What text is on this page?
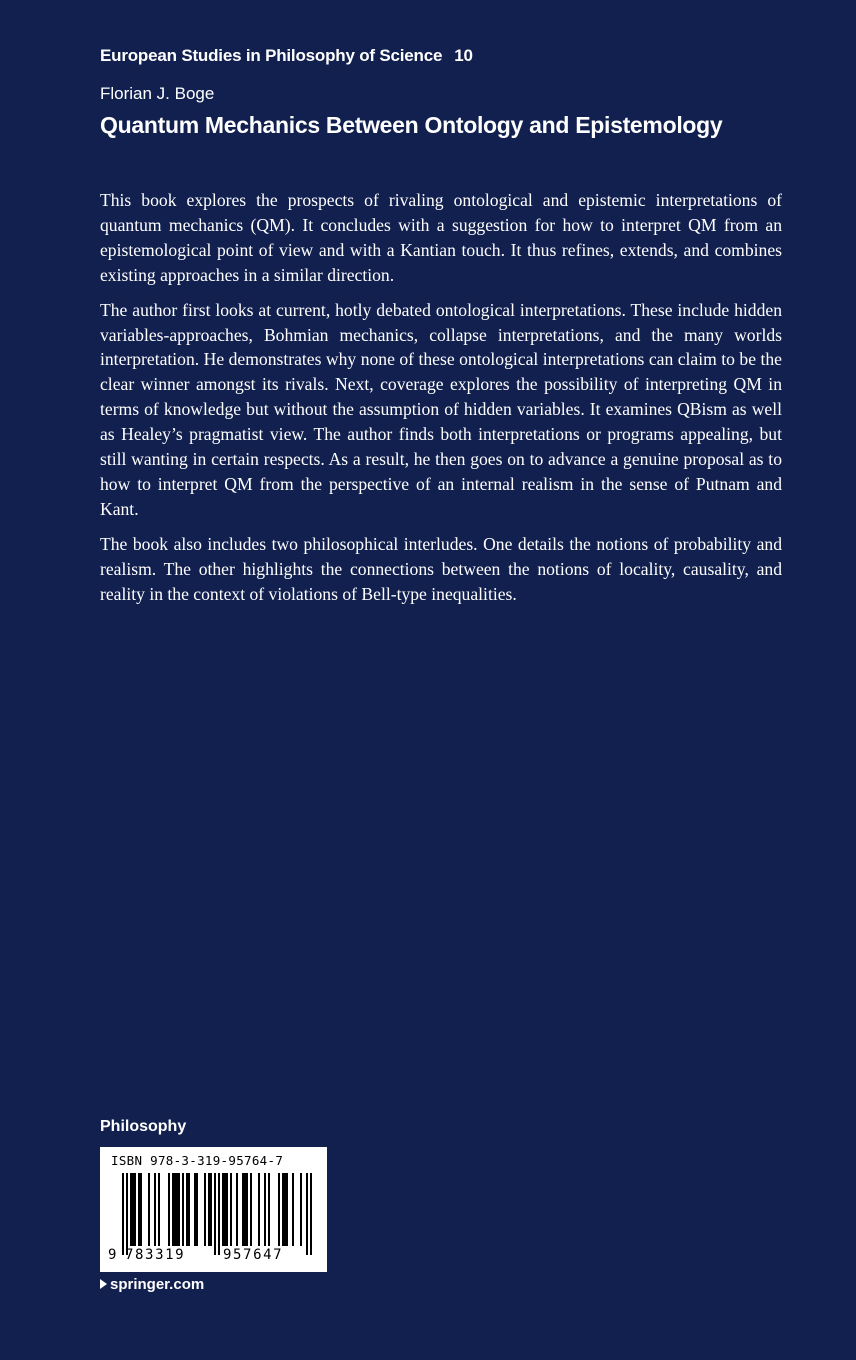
European Studies in Philosophy of Science 10
Florian J. Boge
Quantum Mechanics Between Ontology and Epistemology

This book explores the prospects of rivaling ontological and epistemic interpretations of quantum mechanics (QM). It concludes with a suggestion for how to interpret QM from an epistemological point of view and with a Kantian touch. It thus refines, extends, and combines existing approaches in a similar direction.

The author first looks at current, hotly debated ontological interpretations. These include hidden variables-approaches, Bohmian mechanics, collapse interpretations, and the many worlds interpretation. He demonstrates why none of these ontological interpretations can claim to be the clear winner amongst its rivals. Next, coverage explores the possibility of interpreting QM in terms of knowledge but without the assumption of hidden variables. It examines QBism as well as Healey’s pragmatist view. The author finds both interpretations or programs appealing, but still wanting in certain respects. As a result, he then goes on to advance a genuine proposal as to how to interpret QM from the perspective of an internal realism in the sense of Putnam and Kant.

The book also includes two philosophical interludes. One details the notions of probability and realism. The other highlights the connections between the notions of locality, causality, and reality in the context of violations of Bell-type inequalities.

Philosophy
ISBN 978-3-319-95764-7
9 783319	957647
springer.com
